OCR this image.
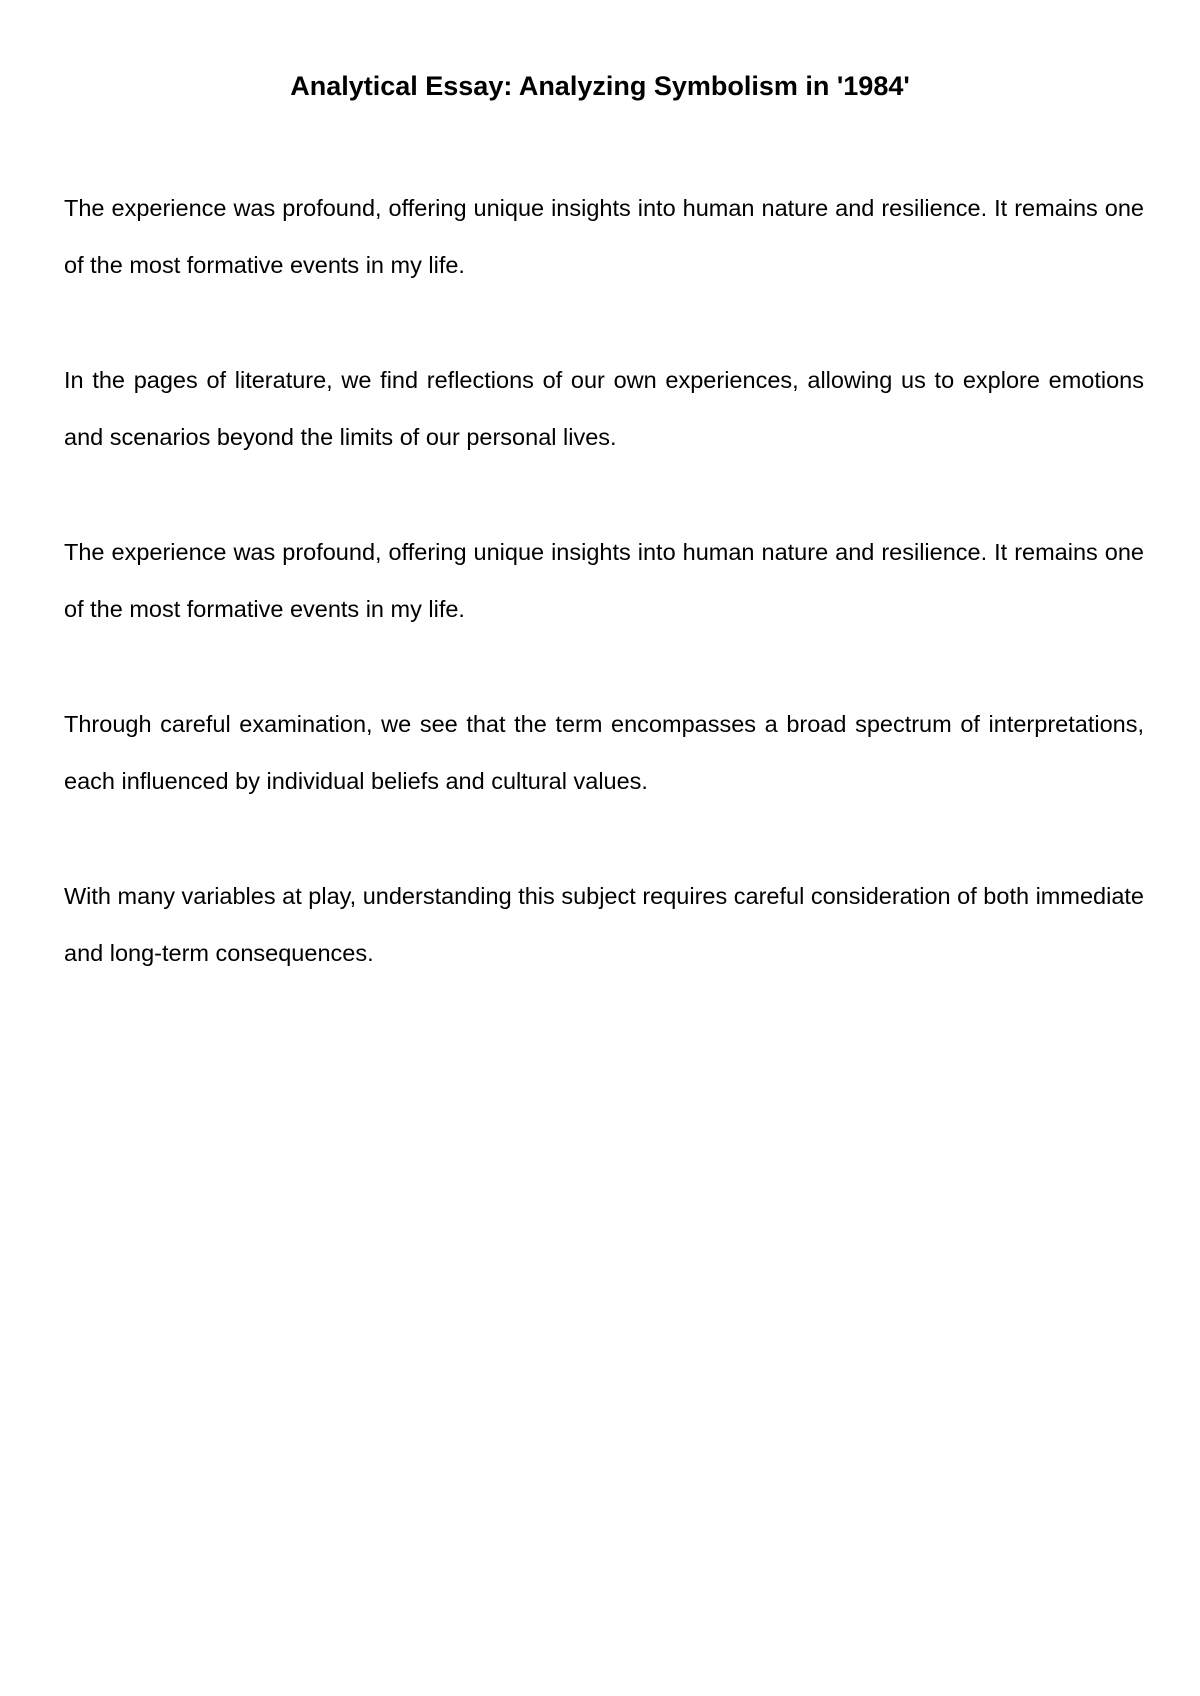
Analytical Essay: Analyzing Symbolism in '1984'

The experience was profound, offering unique insights into human nature and resilience. It remains one of the most formative events in my life.

In the pages of literature, we find reflections of our own experiences, allowing us to explore emotions and scenarios beyond the limits of our personal lives.

The experience was profound, offering unique insights into human nature and resilience. It remains one of the most formative events in my life.

Through careful examination, we see that the term encompasses a broad spectrum of interpretations, each influenced by individual beliefs and cultural values.

With many variables at play, understanding this subject requires careful consideration of both immediate and long-term consequences.
